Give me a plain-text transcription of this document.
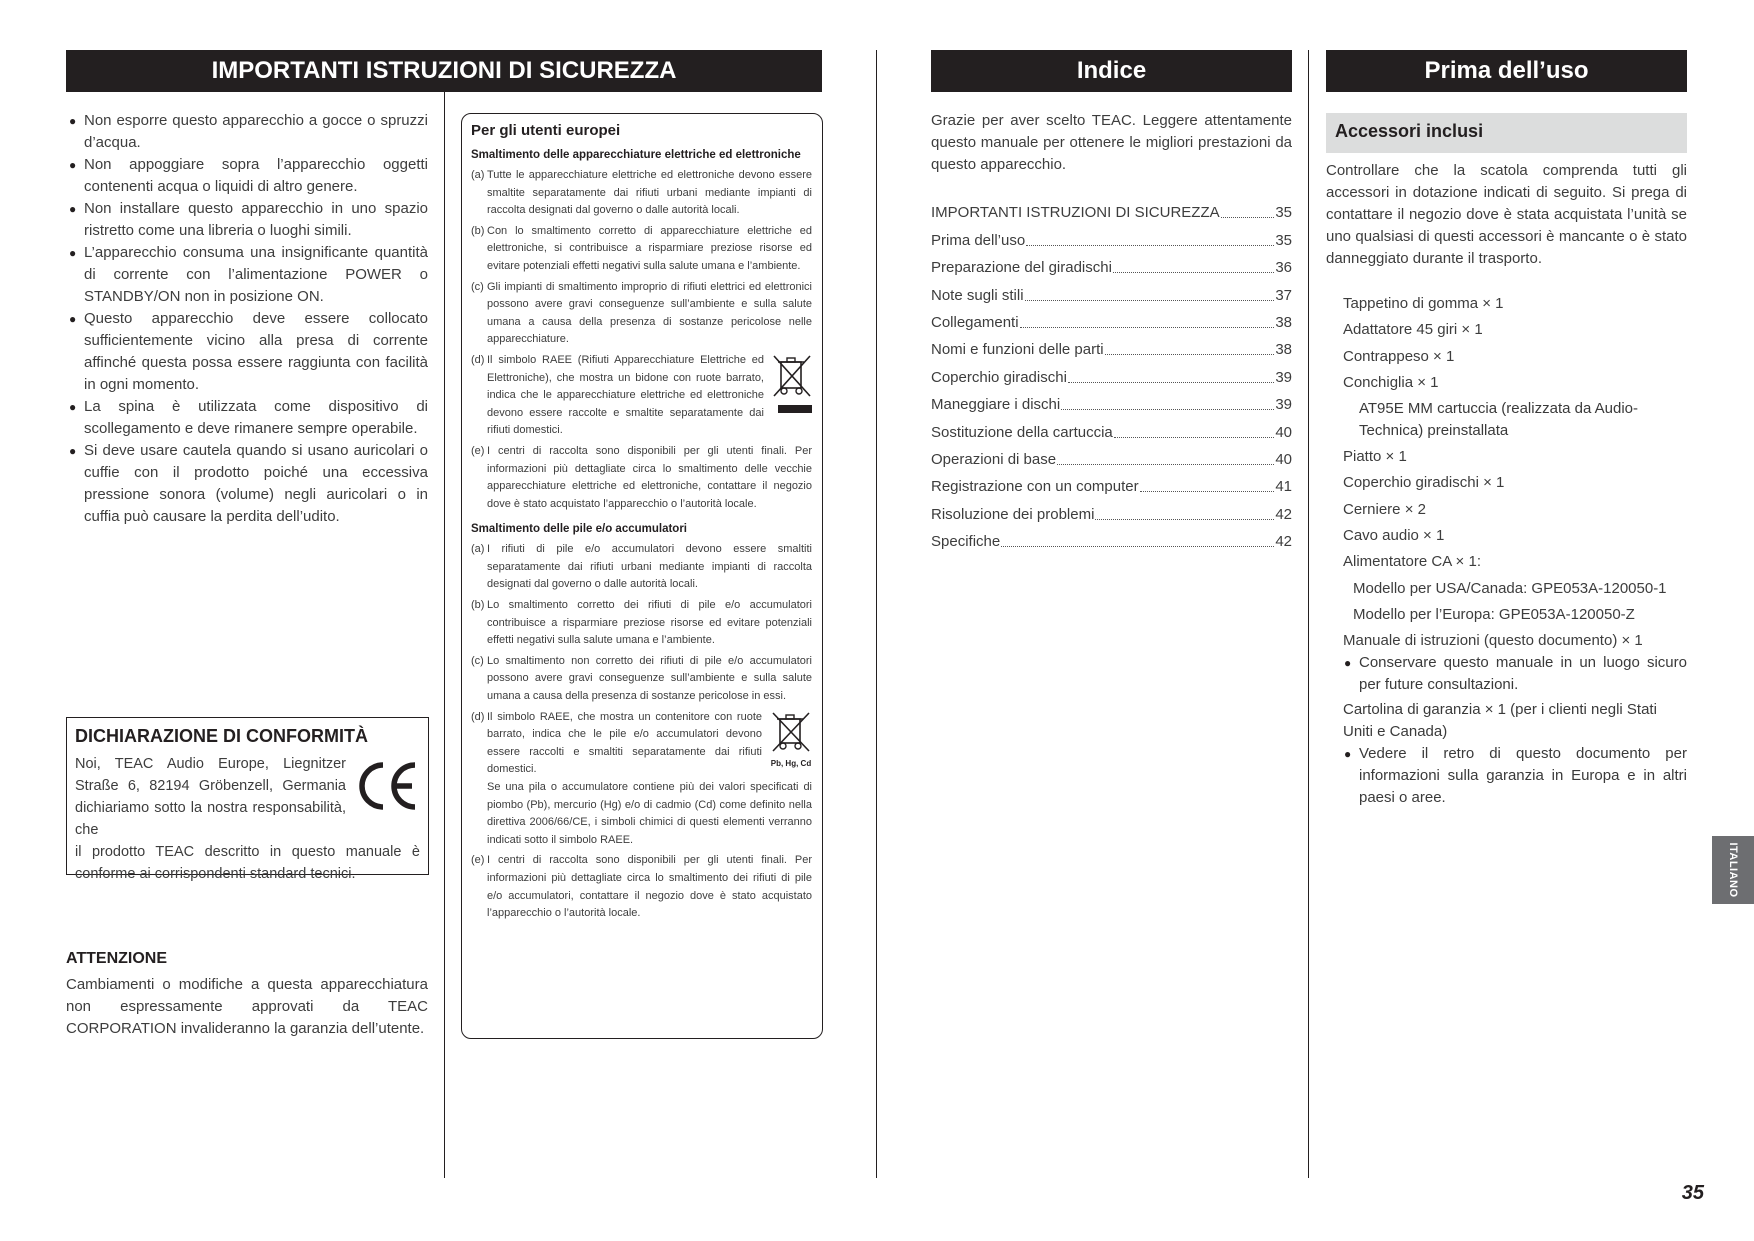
IMPORTANTI ISTRUZIONI DI SICUREZZA
● Non esporre questo apparecchio a gocce o spruzzi d’acqua.
● Non appoggiare sopra l’apparecchio oggetti contenenti acqua o liquidi di altro genere.
● Non installare questo apparecchio in uno spazio ristretto come una libreria o luoghi simili.
● L’apparecchio consuma una insignificante quantità di corrente con l’alimentazione POWER o STANDBY/ON non in posizione ON.
● Questo apparecchio deve essere collocato sufficientemente vicino alla presa di corrente affinché questa possa essere raggiunta con facilità in ogni momento.
● La spina è utilizzata come dispositivo di scollegamento e deve rimanere sempre operabile.
● Si deve usare cautela quando si usano auricolari o cuffie con il prodotto poiché una eccessiva pressione sonora (volume) negli auricolari o in cuffia può causare la perdita dell’udito.
DICHIARAZIONE DI CONFORMITÀ
Noi, TEAC Audio Europe, Liegnitzer Straße 6, 82194 Gröbenzell, Germania dichiariamo sotto la nostra responsabilità, che
il prodotto TEAC descritto in questo manuale è conforme ai corrispondenti standard tecnici.
ATTENZIONE
Cambiamenti o modifiche a questa apparecchiatura non espressamente approvati da TEAC CORPORATION invalideranno la garanzia dell’utente.
Per gli utenti europei
Smaltimento delle apparecchiature elettriche ed elettroniche
(a) Tutte le apparecchiature elettriche ed elettroniche devono essere smaltite separatamente dai rifiuti urbani mediante impianti di raccolta designati dal governo o dalle autorità locali.
(b) Con lo smaltimento corretto di apparecchiature elettriche ed elettroniche, si contribuisce a risparmiare preziose risorse ed evitare potenziali effetti negativi sulla salute umana e l’ambiente.
(c) Gli impianti di smaltimento improprio di rifiuti elettrici ed elettronici possono avere gravi conseguenze sull’ambiente e sulla salute umana a causa della presenza di sostanze pericolose nelle apparecchiature.
(d) Il simbolo RAEE (Rifiuti Apparecchiature Elettriche ed Elettroniche), che mostra un bidone con ruote barrato, indica che le apparecchiature elettriche ed elettroniche devono essere raccolte e smaltite separatamente dai rifiuti domestici.
(e) I centri di raccolta sono disponibili per gli utenti finali. Per informazioni più dettagliate circa lo smaltimento delle vecchie apparecchiature elettriche ed elettroniche, contattare il negozio dove è stato acquistato l’apparecchio o l’autorità locale.
Smaltimento delle pile e/o accumulatori
(a) I rifiuti di pile e/o accumulatori devono essere smaltiti separatamente dai rifiuti urbani mediante impianti di raccolta designati dal governo o dalle autorità locali.
(b) Lo smaltimento corretto dei rifiuti di pile e/o accumulatori contribuisce a risparmiare preziose risorse ed evitare potenziali effetti negativi sulla salute umana e l’ambiente.
(c) Lo smaltimento non corretto dei rifiuti di pile e/o accumulatori possono avere gravi conseguenze sull’ambiente e sulla salute umana a causa della presenza di sostanze pericolose in essi.
Pb, Hg, Cd
(d) Il simbolo RAEE, che mostra un contenitore con ruote barrato, indica che le pile e/o accumulatori devono essere raccolti e smaltiti separatamente dai rifiuti domestici.
Se una pila o accumulatore contiene più dei valori specificati di piombo (Pb), mercurio (Hg) e/o di cadmio (Cd) come definito nella direttiva 2006/66/CE, i simboli chimici di questi elementi verranno indicati sotto il simbolo RAEE.
(e) I centri di raccolta sono disponibili per gli utenti finali. Per informazioni più dettagliate circa lo smaltimento dei rifiuti di pile e/o accumulatori, contattare il negozio dove è stato acquistato l’apparecchio o l’autorità locale.
Indice
Grazie per aver scelto TEAC. Leggere attentamente questo manuale per ottenere le migliori prestazioni da questo apparecchio.
IMPORTANTI ISTRUZIONI DI SICUREZZA	35
Prima dell’uso	35
Preparazione del giradischi	36
Note sugli stili	37
Collegamenti	38
Nomi e funzioni delle parti	38
Coperchio giradischi	39
Maneggiare i dischi	39
Sostituzione della cartuccia	40
Operazioni di base	40
Registrazione con un computer	41
Risoluzione dei problemi	42
Specifiche	42
Prima dell’uso
Accessori inclusi
Controllare che la scatola comprenda tutti gli accessori in dotazione indicati di seguito. Si prega di contattare il negozio dove è stata acquistata l’unità se uno qualsiasi di questi accessori è mancante o è stato danneggiato durante il trasporto.
Tappetino di gomma × 1
Adattatore 45 giri × 1
Contrappeso × 1
Conchiglia × 1
AT95E MM cartuccia (realizzata da Audio-Technica) preinstallata
Piatto × 1
Coperchio giradischi × 1
Cerniere × 2
Cavo audio × 1
Alimentatore CA × 1:
Modello per USA/Canada: GPE053A-120050-1
Modello per l’Europa: GPE053A-120050-Z
Manuale di istruzioni (questo documento) × 1
● Conservare questo manuale in un luogo sicuro per future consultazioni.
Cartolina di garanzia × 1 (per i clienti negli Stati Uniti e Canada)
● Vedere il retro di questo documento per informazioni sulla garanzia in Europa e in altri paesi o aree.
ITALIANO
35
